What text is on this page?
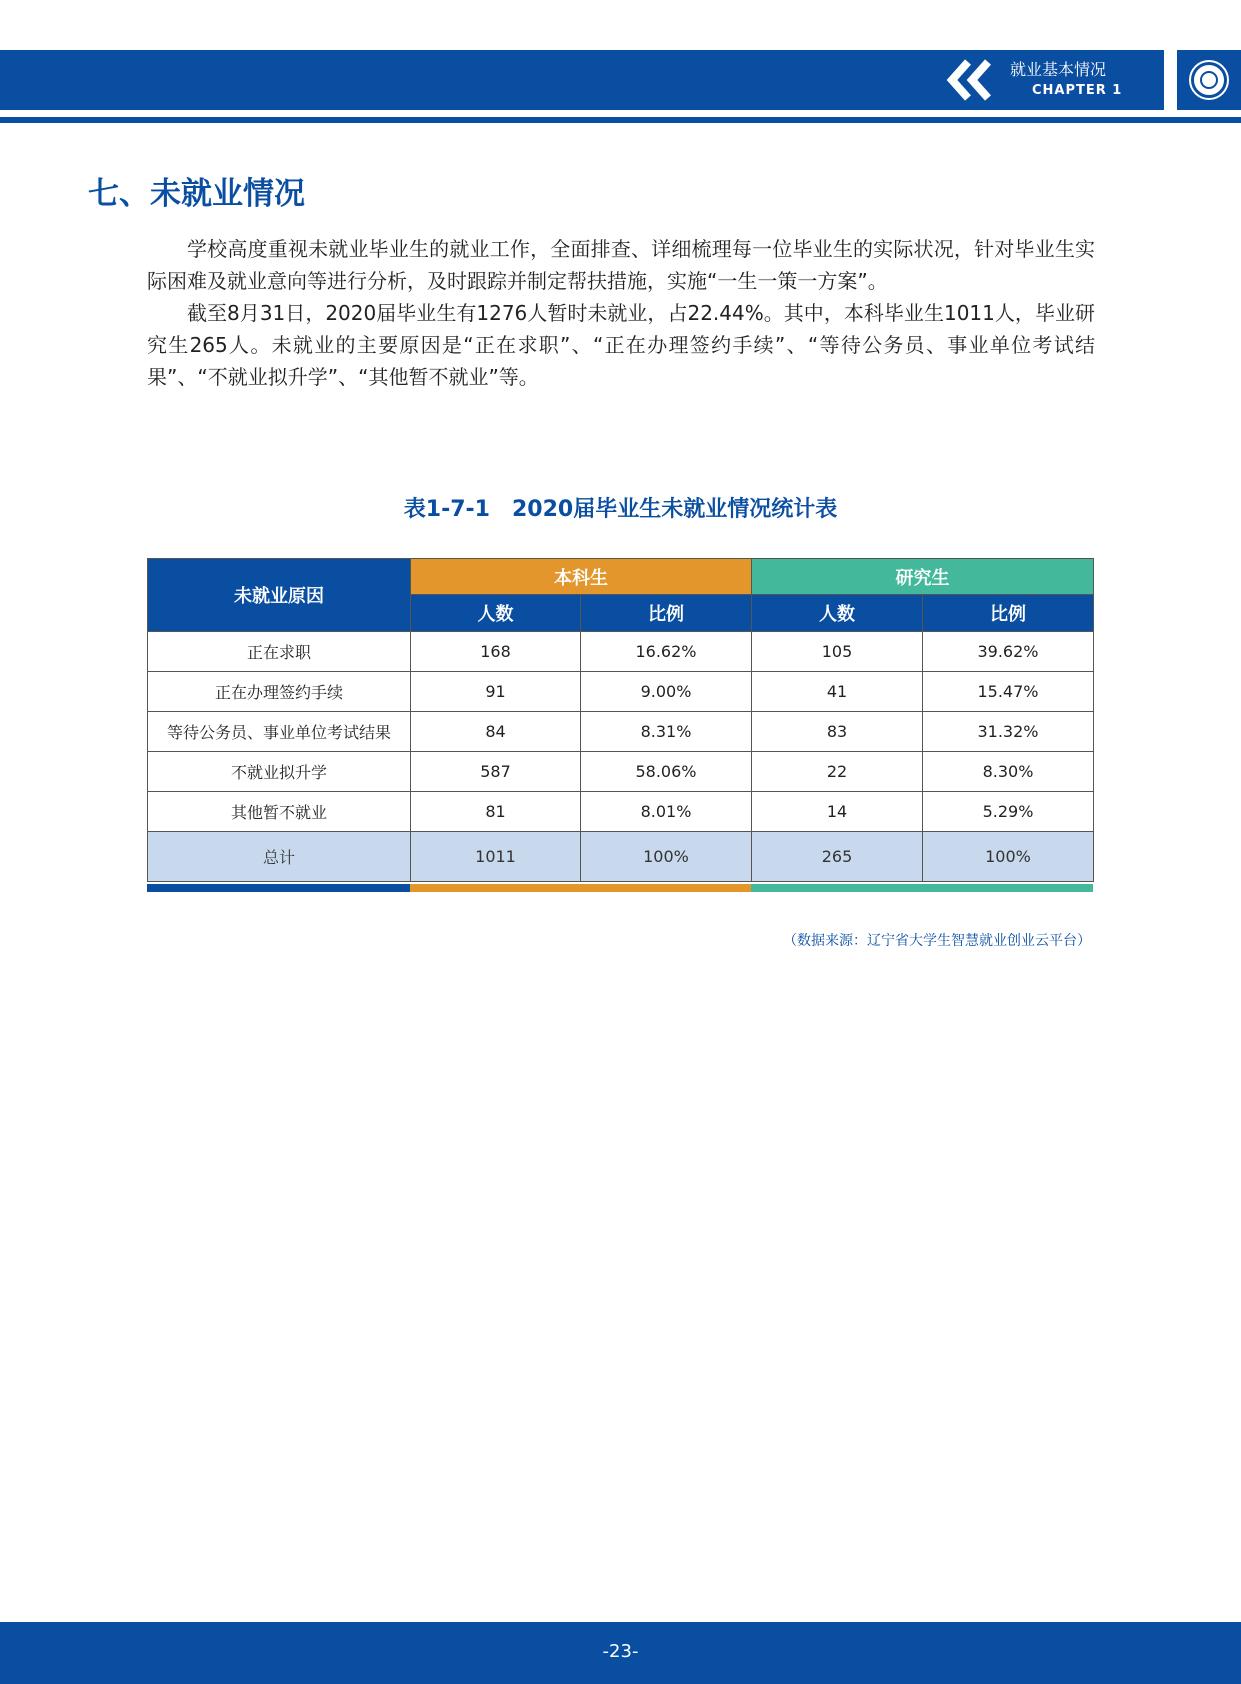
就业基本情况
CHAPTER 1
七、未就业情况

学校高度重视未就业毕业生的就业工作，全面排查、详细梳理每一位毕业生的实际状况，针对毕业生实际困难及就业意向等进行分析，及时跟踪并制定帮扶措施，实施“一生一策一方案”。

截至8月31日，2020届毕业生有1276人暂时未就业，占22.44%。其中，本科毕业生1011人，毕业研究生265人。未就业的主要原因是“正在求职”、“正在办理签约手续”、“等待公务员、事业单位考试结果”、“不就业拟升学”、“其他暂不就业”等。

表1-7-1　2020届毕业生未就业情况统计表
未就业原因	本科生		研究生	
	人数	比例	人数	比例
正在求职	168	16.62%	105	39.62%
正在办理签约手续	91	9.00%	41	15.47%
等待公务员、事业单位考试结果	84	8.31%	83	31.32%
不就业拟升学	587	58.06%	22	8.30%
其他暂不就业	81	8.01%	14	5.29%
总计	1011	100%	265	100%
（数据来源：辽宁省大学生智慧就业创业云平台）
-23-
